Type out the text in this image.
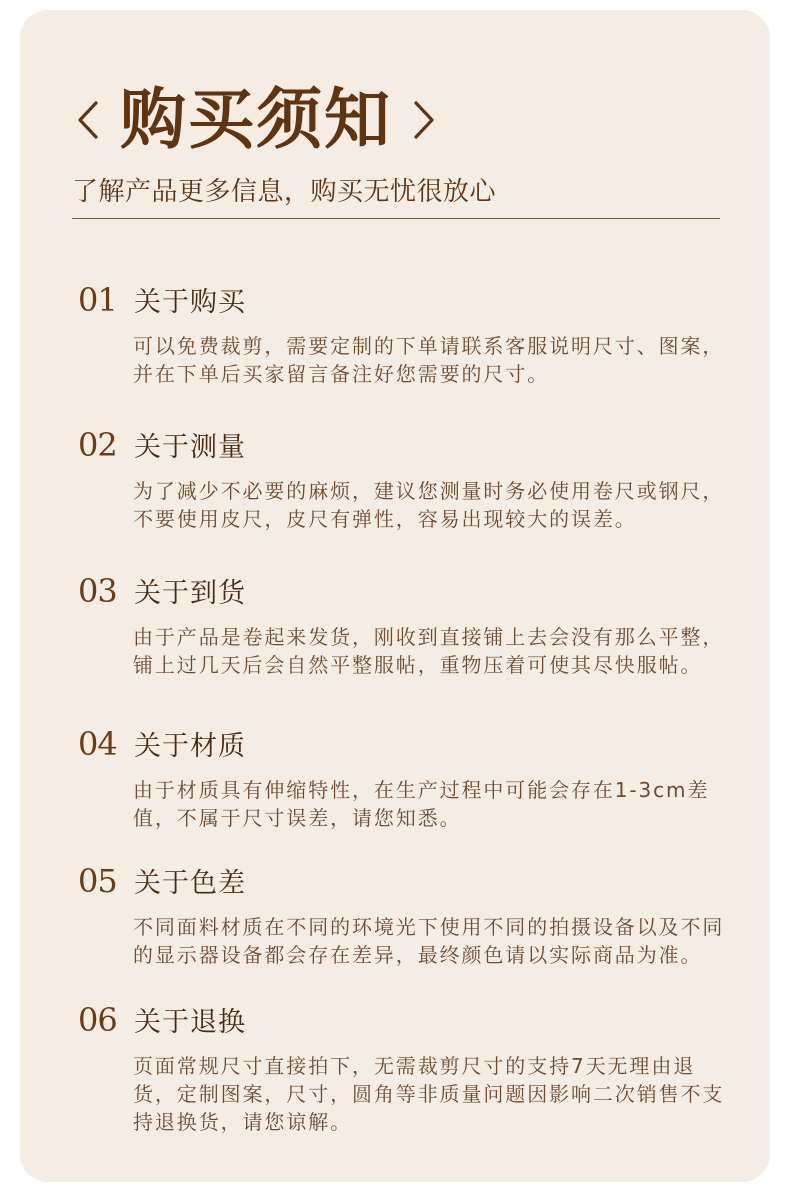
购买须知
了解产品更多信息，购买无忧很放心
01 关于购买
可以免费裁剪，需要定制的下单请联系客服说明尺寸、图案，并在下单后买家留言备注好您需要的尺寸。
02 关于测量
为了减少不必要的麻烦，建议您测量时务必使用卷尺或钢尺，不要使用皮尺，皮尺有弹性，容易出现较大的误差。
03 关于到货
由于产品是卷起来发货，刚收到直接铺上去会没有那么平整，铺上过几天后会自然平整服帖，重物压着可使其尽快服帖。
04 关于材质
由于材质具有伸缩特性，在生产过程中可能会存在1-3cm差值，不属于尺寸误差，请您知悉。
05 关于色差
不同面料材质在不同的环境光下使用不同的拍摄设备以及不同的显示器设备都会存在差异，最终颜色请以实际商品为准。
06 关于退换
页面常规尺寸直接拍下，无需裁剪尺寸的支持7天无理由退货，定制图案，尺寸，圆角等非质量问题因影响二次销售不支持退换货，请您谅解。
